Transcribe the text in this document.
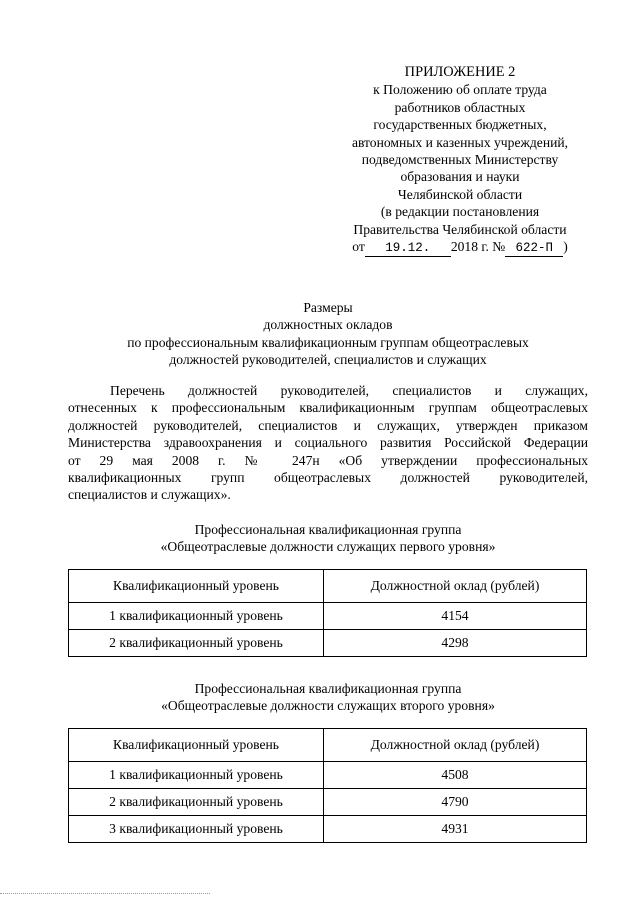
ПРИЛОЖЕНИЕ 2
к Положению об оплате труда
работников областных
государственных бюджетных,
автономных и казенных учреждений,
подведомственных Министерству
образования и науки
Челябинской области
(в редакции постановления
Правительства Челябинской области
от 19.12. 2018 г. № 622-П )
Размеры
должностных окладов
по профессиональным квалификационным группам общеотраслевых
должностей руководителей, специалистов и служащих
Перечень должностей руководителей, специалистов и служащих,
отнесенных к профессиональным квалификационным группам общеотраслевых
должностей руководителей, специалистов и служащих, утвержден приказом
Министерства здравоохранения и социального развития Российской Федерации
от 29 мая 2008 г. № 247н «Об утверждении профессиональных
квалификационных групп общеотраслевых должностей руководителей,
специалистов и служащих».
Профессиональная квалификационная группа
«Общеотраслевые должности служащих первого уровня»
Квалификационный уровень	Должностной оклад (рублей)
1 квалификационный уровень	4154
2 квалификационный уровень	4298
Профессиональная квалификационная группа
«Общеотраслевые должности служащих второго уровня»
Квалификационный уровень	Должностной оклад (рублей)
1 квалификационный уровень	4508
2 квалификационный уровень	4790
3 квалификационный уровень	4931
